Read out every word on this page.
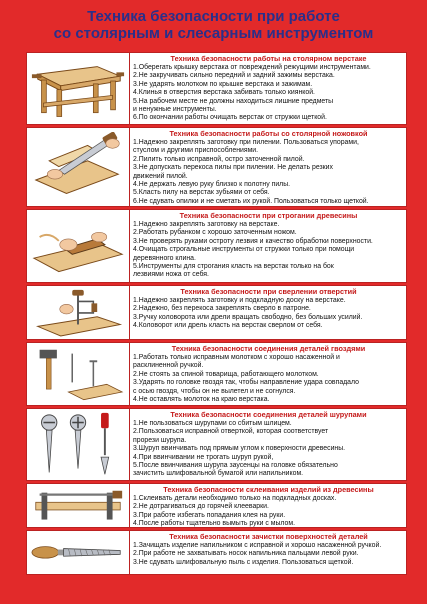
Техника безопасности при работе
со столярным и слесарным инструментом
Техника безопасности работы на столярном верстаке
1.Оберегать крышку верстака от повреждений режущими инструментами.
2.Не закручивать сильно передний и задний зажимы верстака.
3.Не ударять молотком по крышке верстака и зажимам.
4.Клинья в отверстия верстака забивать только киянкой.
5.На рабочем месте не должны находиться лишние предметы
и ненужные инструменты.
6.По окончании работы очищать верстак от стружки щеткой.
Техника безопасности работы со столярной ножовкой
1.Надежно закреплять заготовку при пилении. Пользоваться упорами,
стуслом и другими приспособлениями.
2.Пилить только исправной, остро заточенной пилой.
3.Не допускать перекоса пилы при пилении. Не делать резких
движений пилой.
4.Не держать левую руку близко к полотну пилы.
5.Класть пилу на верстак зубьями от себя.
6.Не сдувать опилки и не сметать их рукой. Пользоваться только щеткой.
Техника безопасности при строгании древесины
1.Надежно закреплять заготовку на верстаке.
2.Работать рубанком с хорошо заточенным ножом.
3.Не проверять руками остроту лезвия и качество обработки поверхности.
4.Очищать строгальные инструменты от стружки только при помощи
деревянного клина.
5.Инструменты для строгания класть на верстак только на бок
лезвиями ножа от себя.
Техника безопасности при сверлении отверстий
1.Надежно закреплять заготовку и подкладную доску на верстаке.
2.Надежно, без перекоса закреплять сверло в патроне.
3.Ручку коловорота или дрели вращать свободно, без больших усилий.
4.Коловорот или дрель класть на верстак сверлом от себя.
Техника безопасности соединения деталей гвоздями
1.Работать только исправным молотком с хорошо насаженной и
расклиненной ручкой.
2.Не стоять за спиной товарища, работающего молотком.
3.Ударять по головке гвоздя так, чтобы направление удара совпадало
с осью гвоздя, чтобы он не вылетел и не согнулся.
4.Не оставлять молоток на краю верстака.
Техника безопасности соединения деталей шурупами
1.Не пользоваться шурупами со сбитым шлицем.
2.Пользоваться исправной отверткой, которая соответствует
прорези шурупа.
3.Шуруп ввинчивать под прямым углом к поверхности древесины.
4.При ввинчивании не трогать шуруп рукой,
5.После ввинчивания шурупа заусенцы на головке обязательно
зачистить шлифовальной бумагой или напильником.
Техника безопасности склеивания изделий из древесины
1.Склеивать детали необходимо только на подкладных досках.
2.Не дотрагиваться до горячей клееварки.
3.При работе избегать попадания клея на руки.
4.После работы тщательно вымыть руки с мылом.
Техника безопасности зачистки поверхностей деталей
1.Зачищать изделие напильником с исправной и хорошо насаженной ручкой.
2.При работе не захватывать носок напильника пальцами левой руки.
3.Не сдувать шлифовальную пыль с изделия. Пользоваться щеткой.
